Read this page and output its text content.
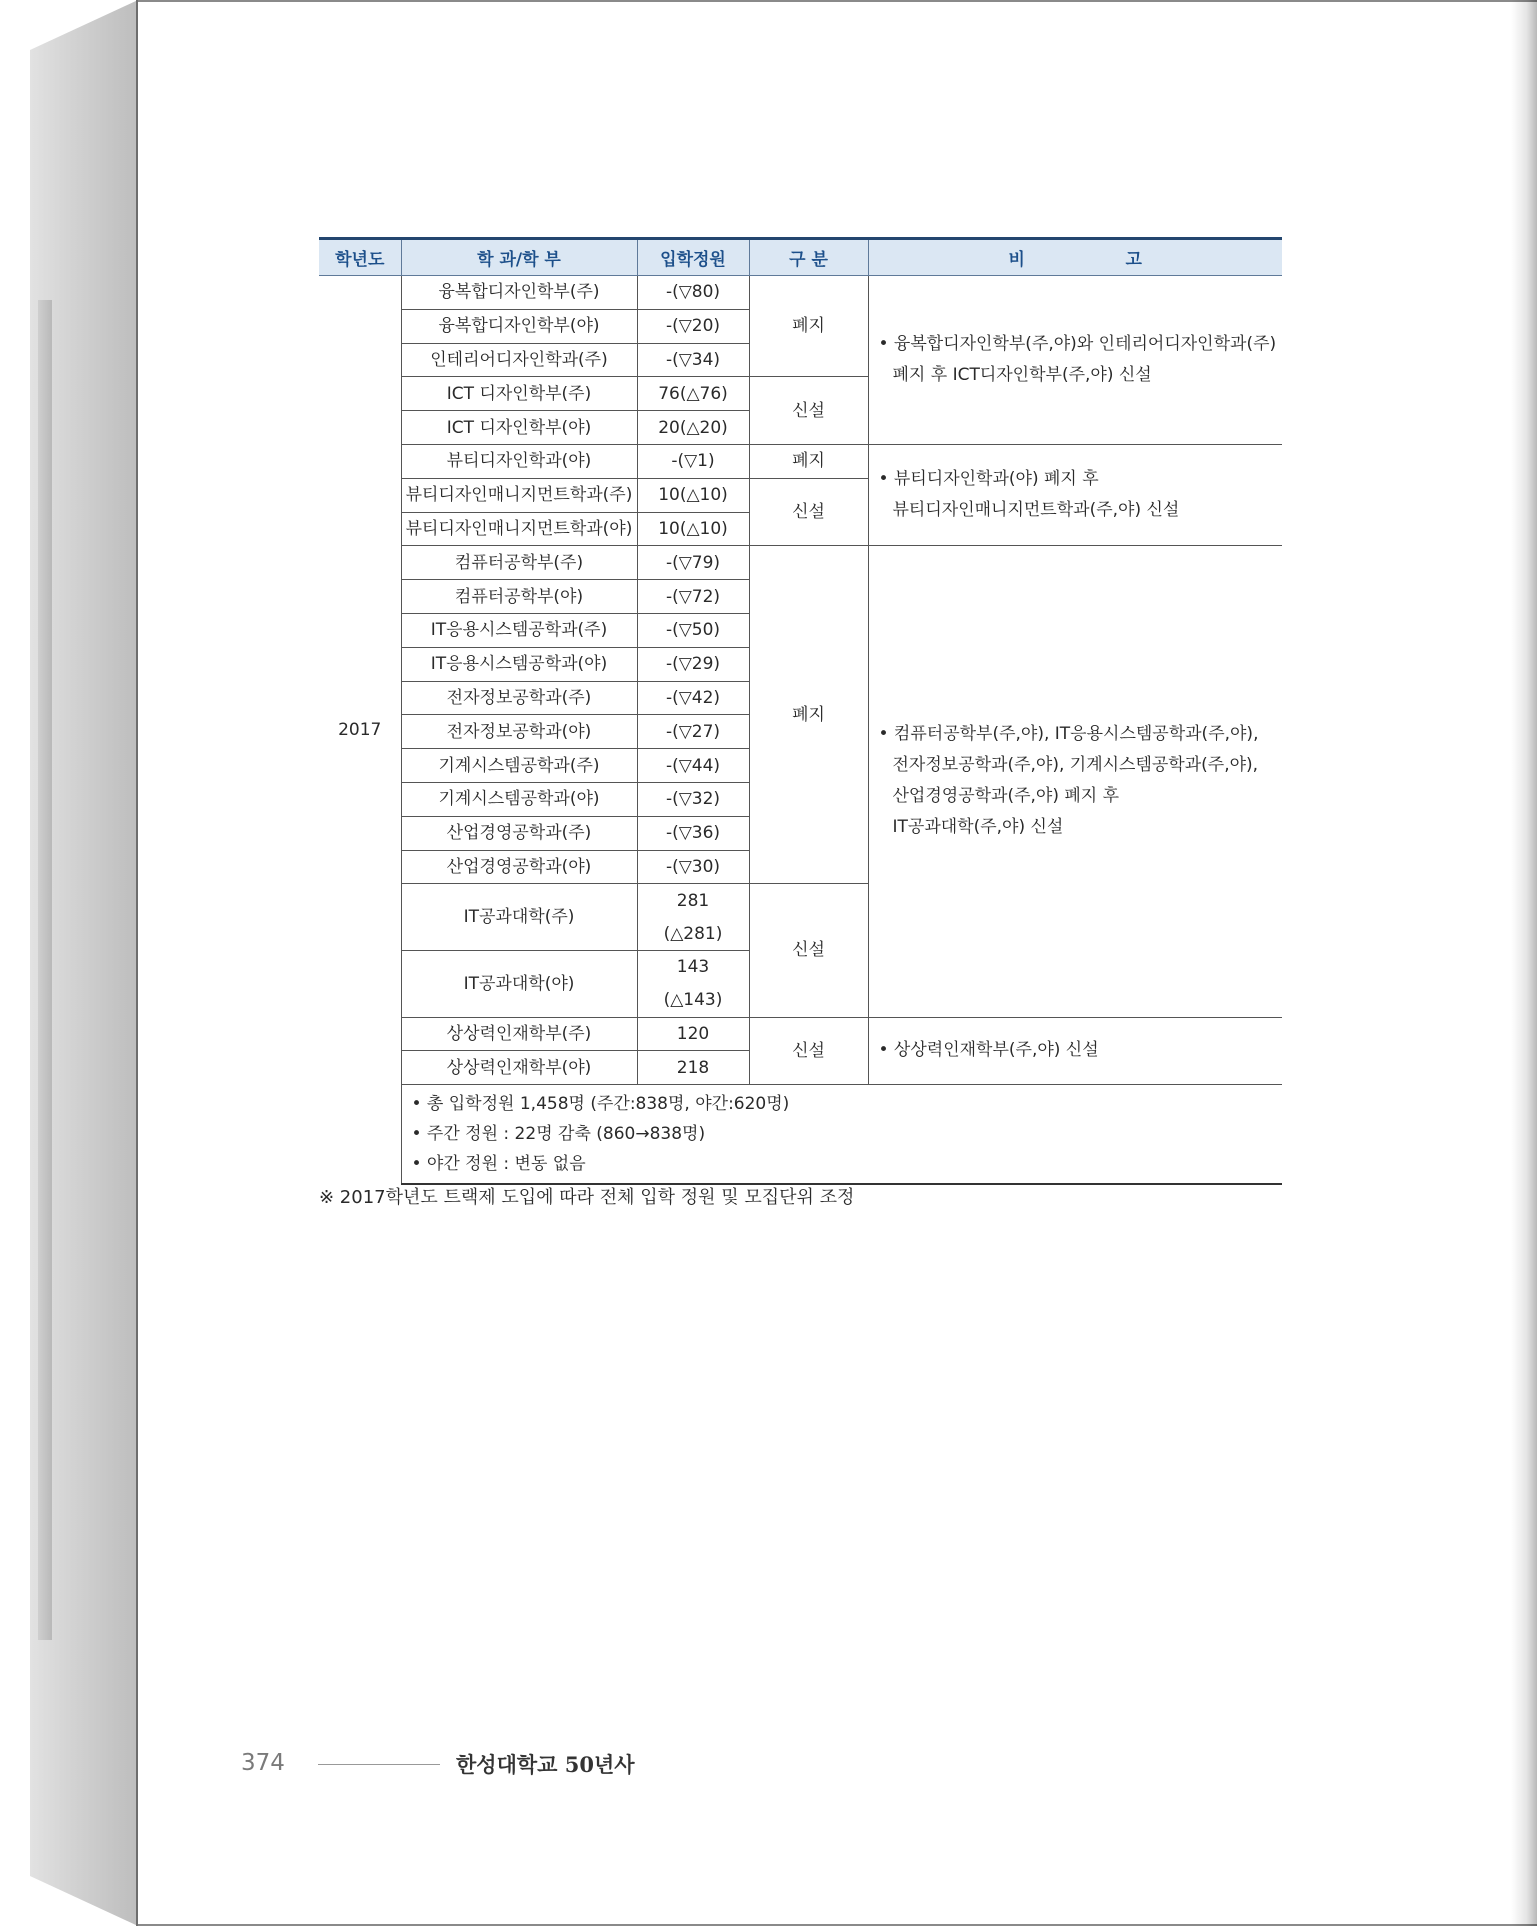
학년도	학 과/학 부	입학정원	구 분	비                 고
2017	융복합디자인학부(주)	-(▽80)	폐지	• 융복합디자인학부(주,야)와 인테리어디자인학과(주)
폐지 후 ICT디자인학부(주,야) 신설

	융복합디자인학부(야)	-(▽20)		
	인테리어디자인학과(주)	-(▽34)		
	ICT 디자인학부(주)	76(△76)	신설	
	ICT 디자인학부(야)	20(△20)		
	뷰티디자인학과(야)	-(▽1)	폐지	• 뷰티디자인학과(야) 폐지 후
뷰티디자인매니지먼트학과(주,야) 신설

	뷰티디자인매니지먼트학과(주)	10(△10)	신설	
	뷰티디자인매니지먼트학과(야)	10(△10)		
	컴퓨터공학부(주)	-(▽79)	폐지	• 컴퓨터공학부(주,야), IT응용시스템공학과(주,야),
전자정보공학과(주,야), 기계시스템공학과(주,야),
산업경영공학과(주,야) 폐지 후
IT공과대학(주,야) 신설

	컴퓨터공학부(야)	-(▽72)		
	IT응용시스템공학과(주)	-(▽50)		
	IT응용시스템공학과(야)	-(▽29)		
	전자정보공학과(주)	-(▽42)		
	전자정보공학과(야)	-(▽27)		
	기계시스템공학과(주)	-(▽44)		
	기계시스템공학과(야)	-(▽32)		
	산업경영공학과(주)	-(▽36)		
	산업경영공학과(야)	-(▽30)		
	IT공과대학(주)	281	신설	
		(△281)		
	IT공과대학(야)	143		
		(△143)		
	상상력인재학부(주)	120	신설	• 상상력인재학부(주,야) 신설
	상상력인재학부(야)	218		

	• 총 입학정원 1,458명 (주간:838명, 야간:620명)
• 주간 정원 : 22명 감축 (860→838명)
• 야간 정원 : 변동 없음			
※ 2017학년도 트랙제 도입에 따라 전체 입학 정원 및 모집단위 조정
374	한성대학교 50년사
